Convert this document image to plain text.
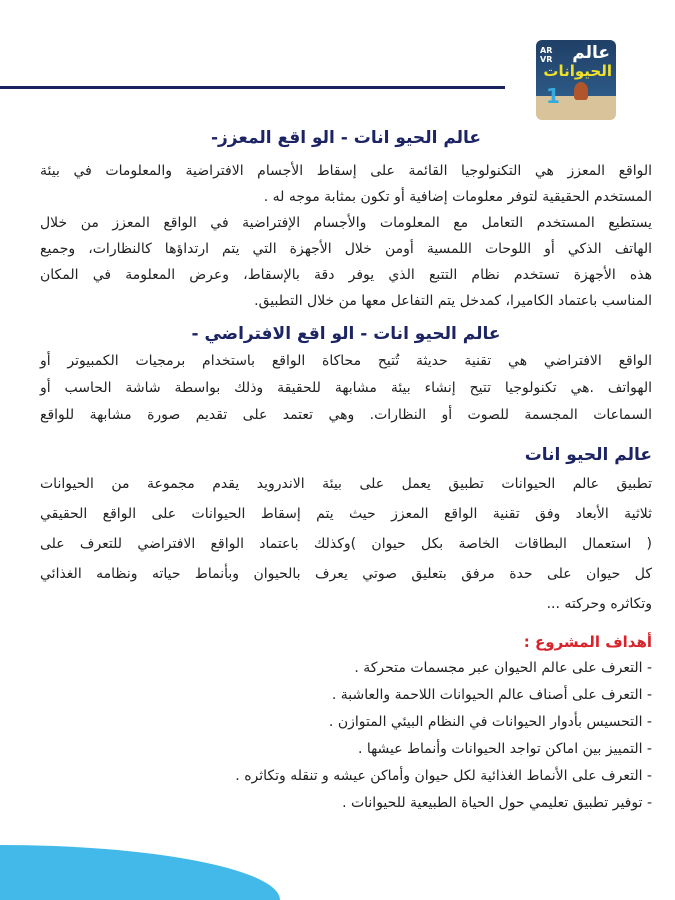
AR VR عالم
الحيوانات
1
عالم الحيو انات - الو اقع المعزز-
الواقع المعزز هي التكنولوجيا القائمة على إسقاط الأجسام الافتراضية والمعلومات في بيئة
المستخدم الحقيقية لتوفر معلومات إضافية أو تكون بمثابة موجه له .
يستطيع المستخدم التعامل مع المعلومات والأجسام الإفتراضية في الواقع المعزز من خلال
الهاتف الذكي أو اللوحات اللمسية أومن خلال الأجهزة التي يتم ارتداؤها كالنظارات، وجميع
هذه الأجهزة تستخدم نظام التتبع الذي يوفر دقة بالإسقاط، وعرض المعلومة في المكان
المناسب باعتماد الكاميرا، كمدخل يتم التفاعل معها من خلال التطبيق.
عالم الحيو انات - الو اقع الافتراضي -
الواقع الافتراضي هي تقنية حديثة تُتيح محاكاة الواقع باستخدام برمجيات الكمبيوتر أو
الهواتف .هي تكنولوجيا تتيح إنشاء بيئة مشابهة للحقيقة وذلك بواسطة شاشة الحاسب أو
السماعات المجسمة للصوت أو النظارات. وهي تعتمد على تقديم صورة مشابهة للواقع
عالم الحيو انات
تطبيق عالم الحيوانات تطبيق يعمل على بيئة الاندرويد يقدم مجموعة من الحيوانات
ثلاثية الأبعاد وفق تقنية الواقع المعزز حيث يتم إسقاط الحيوانات على الواقع الحقيقي
( استعمال البطاقات الخاصة بكل حيوان )وكذلك باعتماد الواقع الافتراضي للتعرف على
كل حيوان على حدة مرفق بتعليق صوتي يعرف بالحيوان وبأنماط حياته ونظامه الغذائي
وتكاثره وحركته ...
أهداف المشروع :
- التعرف على عالم الحيوان عبر مجسمات متحركة .
- التعرف على أصناف عالم الحيوانات اللاحمة والعاشبة .
- التحسيس بأدوار الحيوانات في النظام البيئي المتوازن .
- التمييز بين اماكن تواجد الحيوانات وأنماط عيشها .
- التعرف على الأنماط الغذائية لكل حيوان وأماكن عيشه و تنقله وتكاثره .
- توفير تطبيق تعليمي حول الحياة الطبيعية للحيوانات .
